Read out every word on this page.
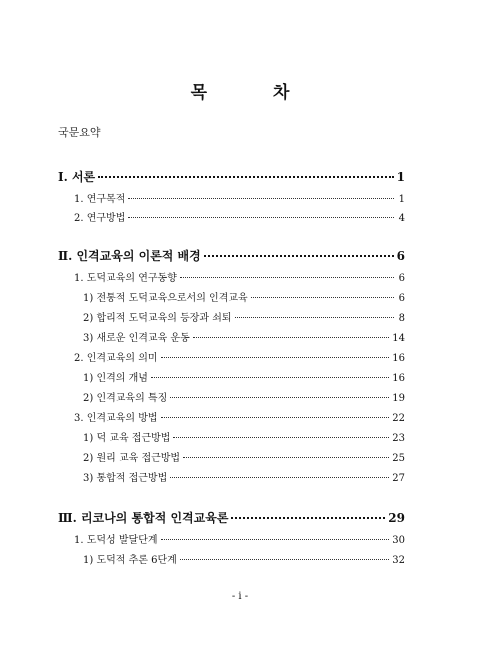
목 차
국문요약
Ⅰ. 서론	1
1. 연구목적	1
2. 연구방법	4
Ⅱ. 인격교육의 이론적 배경	6
1. 도덕교육의 연구동향	6
1) 전통적 도덕교육으로서의 인격교육	6
2) 합리적 도덕교육의 등장과 쇠퇴	8
3) 새로운 인격교육 운동	14
2. 인격교육의 의미	16
1) 인격의 개념	16
2) 인격교육의 특징	19
3. 인격교육의 방법	22
1) 덕 교육 접근방법	23
2) 원리 교육 접근방법	25
3) 통합적 접근방법	27
Ⅲ. 리코나의 통합적 인격교육론	29
1. 도덕성 발달단계	30
1) 도덕적 추론 6단계	32
- i -
